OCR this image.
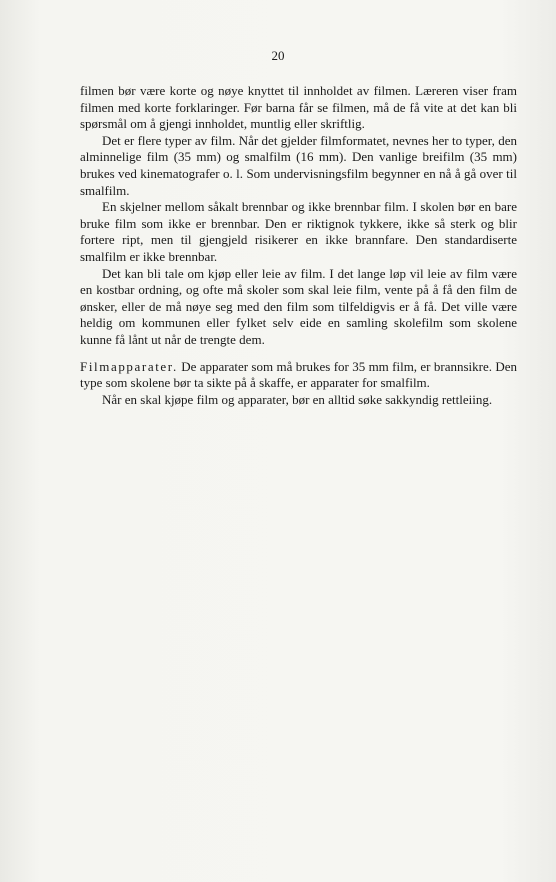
20

filmen bør være korte og nøye knyttet til innholdet av filmen. Læreren viser fram filmen med korte forklaringer. Før barna får se filmen, må de få vite at det kan bli spørsmål om å gjengi innholdet, muntlig eller skriftlig.

Det er flere typer av film. Når det gjelder filmformatet, nevnes her to typer, den alminnelige film (35 mm) og smalfilm (16 mm). Den vanlige breifilm (35 mm) brukes ved kinematografer o. l. Som undervisningsfilm begynner en nå å gå over til smalfilm.

En skjelner mellom såkalt brennbar og ikke brennbar film. I skolen bør en bare bruke film som ikke er brennbar. Den er riktignok tykkere, ikke så sterk og blir fortere ript, men til gjengjeld risikerer en ikke brannfare. Den standardiserte smalfilm er ikke brennbar.

Det kan bli tale om kjøp eller leie av film. I det lange løp vil leie av film være en kostbar ordning, og ofte må skoler som skal leie film, vente på å få den film de ønsker, eller de må nøye seg med den film som tilfeldigvis er å få. Det ville være heldig om kommunen eller fylket selv eide en samling skolefilm som skolene kunne få lånt ut når de trengte dem.

Filmapparater. De apparater som må brukes for 35 mm film, er brannsikre. Den type som skolene bør ta sikte på å skaffe, er apparater for smalfilm.

Når en skal kjøpe film og apparater, bør en alltid søke sakkyndig rettleiing.
